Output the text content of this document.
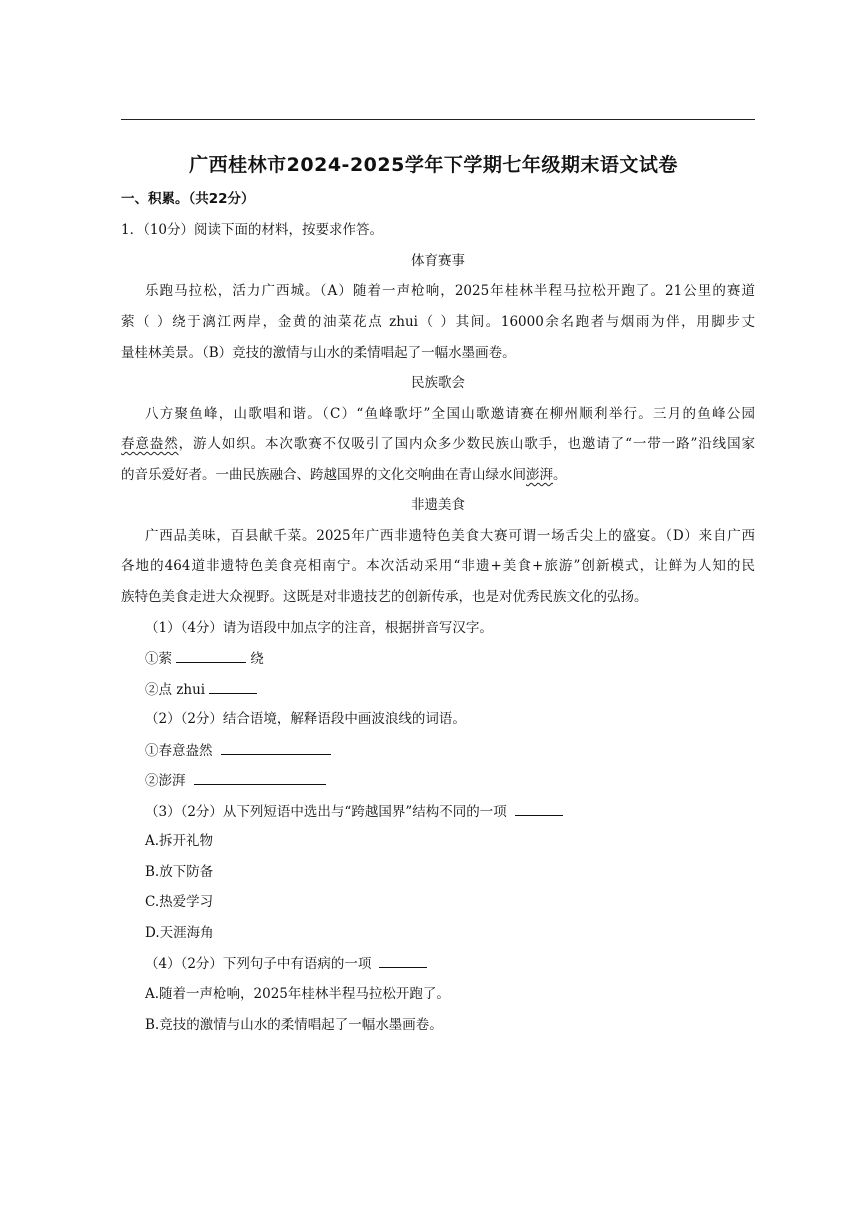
广西桂林市2024-2025学年下学期七年级期末语文试卷
一、积累。（共22分）
1．（10分）阅读下面的材料，按要求作答。
体育赛事
乐跑马拉松，活力广西城。（A）随着一声枪响，2025年桂林半程马拉松开跑了。21公里的赛道
萦（ ）绕于漓江两岸，金黄的油菜花点 zhui（ ）其间。16000余名跑者与烟雨为伴，用脚步丈
量桂林美景。（B）竞技的激情与山水的柔情唱起了一幅水墨画卷。
民族歌会
八方聚鱼峰，山歌唱和谐。（C）“鱼峰歌圩”全国山歌邀请赛在柳州顺利举行。三月的鱼峰公园
春意盎然，游人如织。本次歌赛不仅吸引了国内众多少数民族山歌手，也邀请了“一带一路”沿线国家
的音乐爱好者。一曲民族融合、跨越国界的文化交响曲在青山绿水间澎湃。
非遗美食
广西品美味，百县献千菜。2025年广西非遗特色美食大赛可谓一场舌尖上的盛宴。（D）来自广西
各地的464道非遗特色美食亮相南宁。本次活动采用“非遗+美食+旅游”创新模式，让鲜为人知的民
族特色美食走进大众视野。这既是对非遗技艺的创新传承，也是对优秀民族文化的弘扬。
（1）（4分）请为语段中加点字的注音，根据拼音写汉字。
①萦	绕
②点 zhui
（2）（2分）结合语境，解释语段中画波浪线的词语。
①春意盎然
②澎湃
（3）（2分）从下列短语中选出与“跨越国界”结构不同的一项
A.拆开礼物
B.放下防备
C.热爱学习
D.天涯海角
（4）（2分）下列句子中有语病的一项
A.随着一声枪响，2025年桂林半程马拉松开跑了。
B.竞技的激情与山水的柔情唱起了一幅水墨画卷。
